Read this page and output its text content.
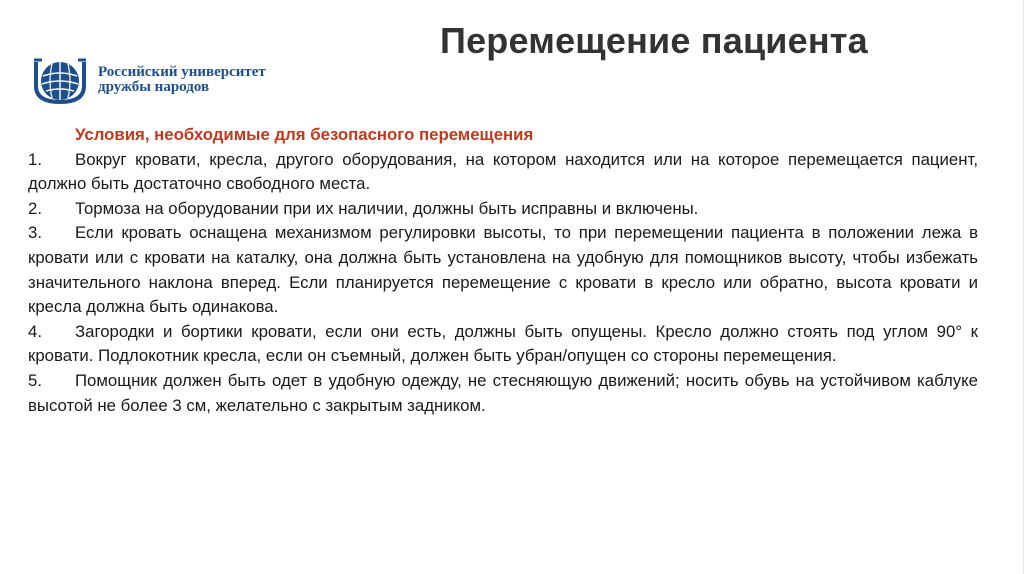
Перемещение пациента
Российский университет
дружбы народов
Условия, необходимые для безопасного перемещения
1. Вокруг кровати, кресла, другого оборудования, на котором находится или на которое перемещается пациент, должно быть достаточно свободного места.
2. Тормоза на оборудовании при их наличии, должны быть исправны и включены.
3. Если кровать оснащена механизмом регулировки высоты, то при перемещении пациента в положении лежа в кровати или с кровати на каталку, она должна быть установлена на удобную для помощников высоту, чтобы избежать значительного наклона вперед. Если планируется перемещение с кровати в кресло или обратно, высота кровати и кресла должна быть одинакова.
4. Загородки и бортики кровати, если они есть, должны быть опущены. Кресло должно стоять под углом 90° к кровати. Подлокотник кресла, если он съемный, должен быть убран/опущен со стороны перемещения.
5. Помощник должен быть одет в удобную одежду, не стесняющую движений; носить обувь на устойчивом каблуке высотой не более 3 см, желательно с закрытым задником.
